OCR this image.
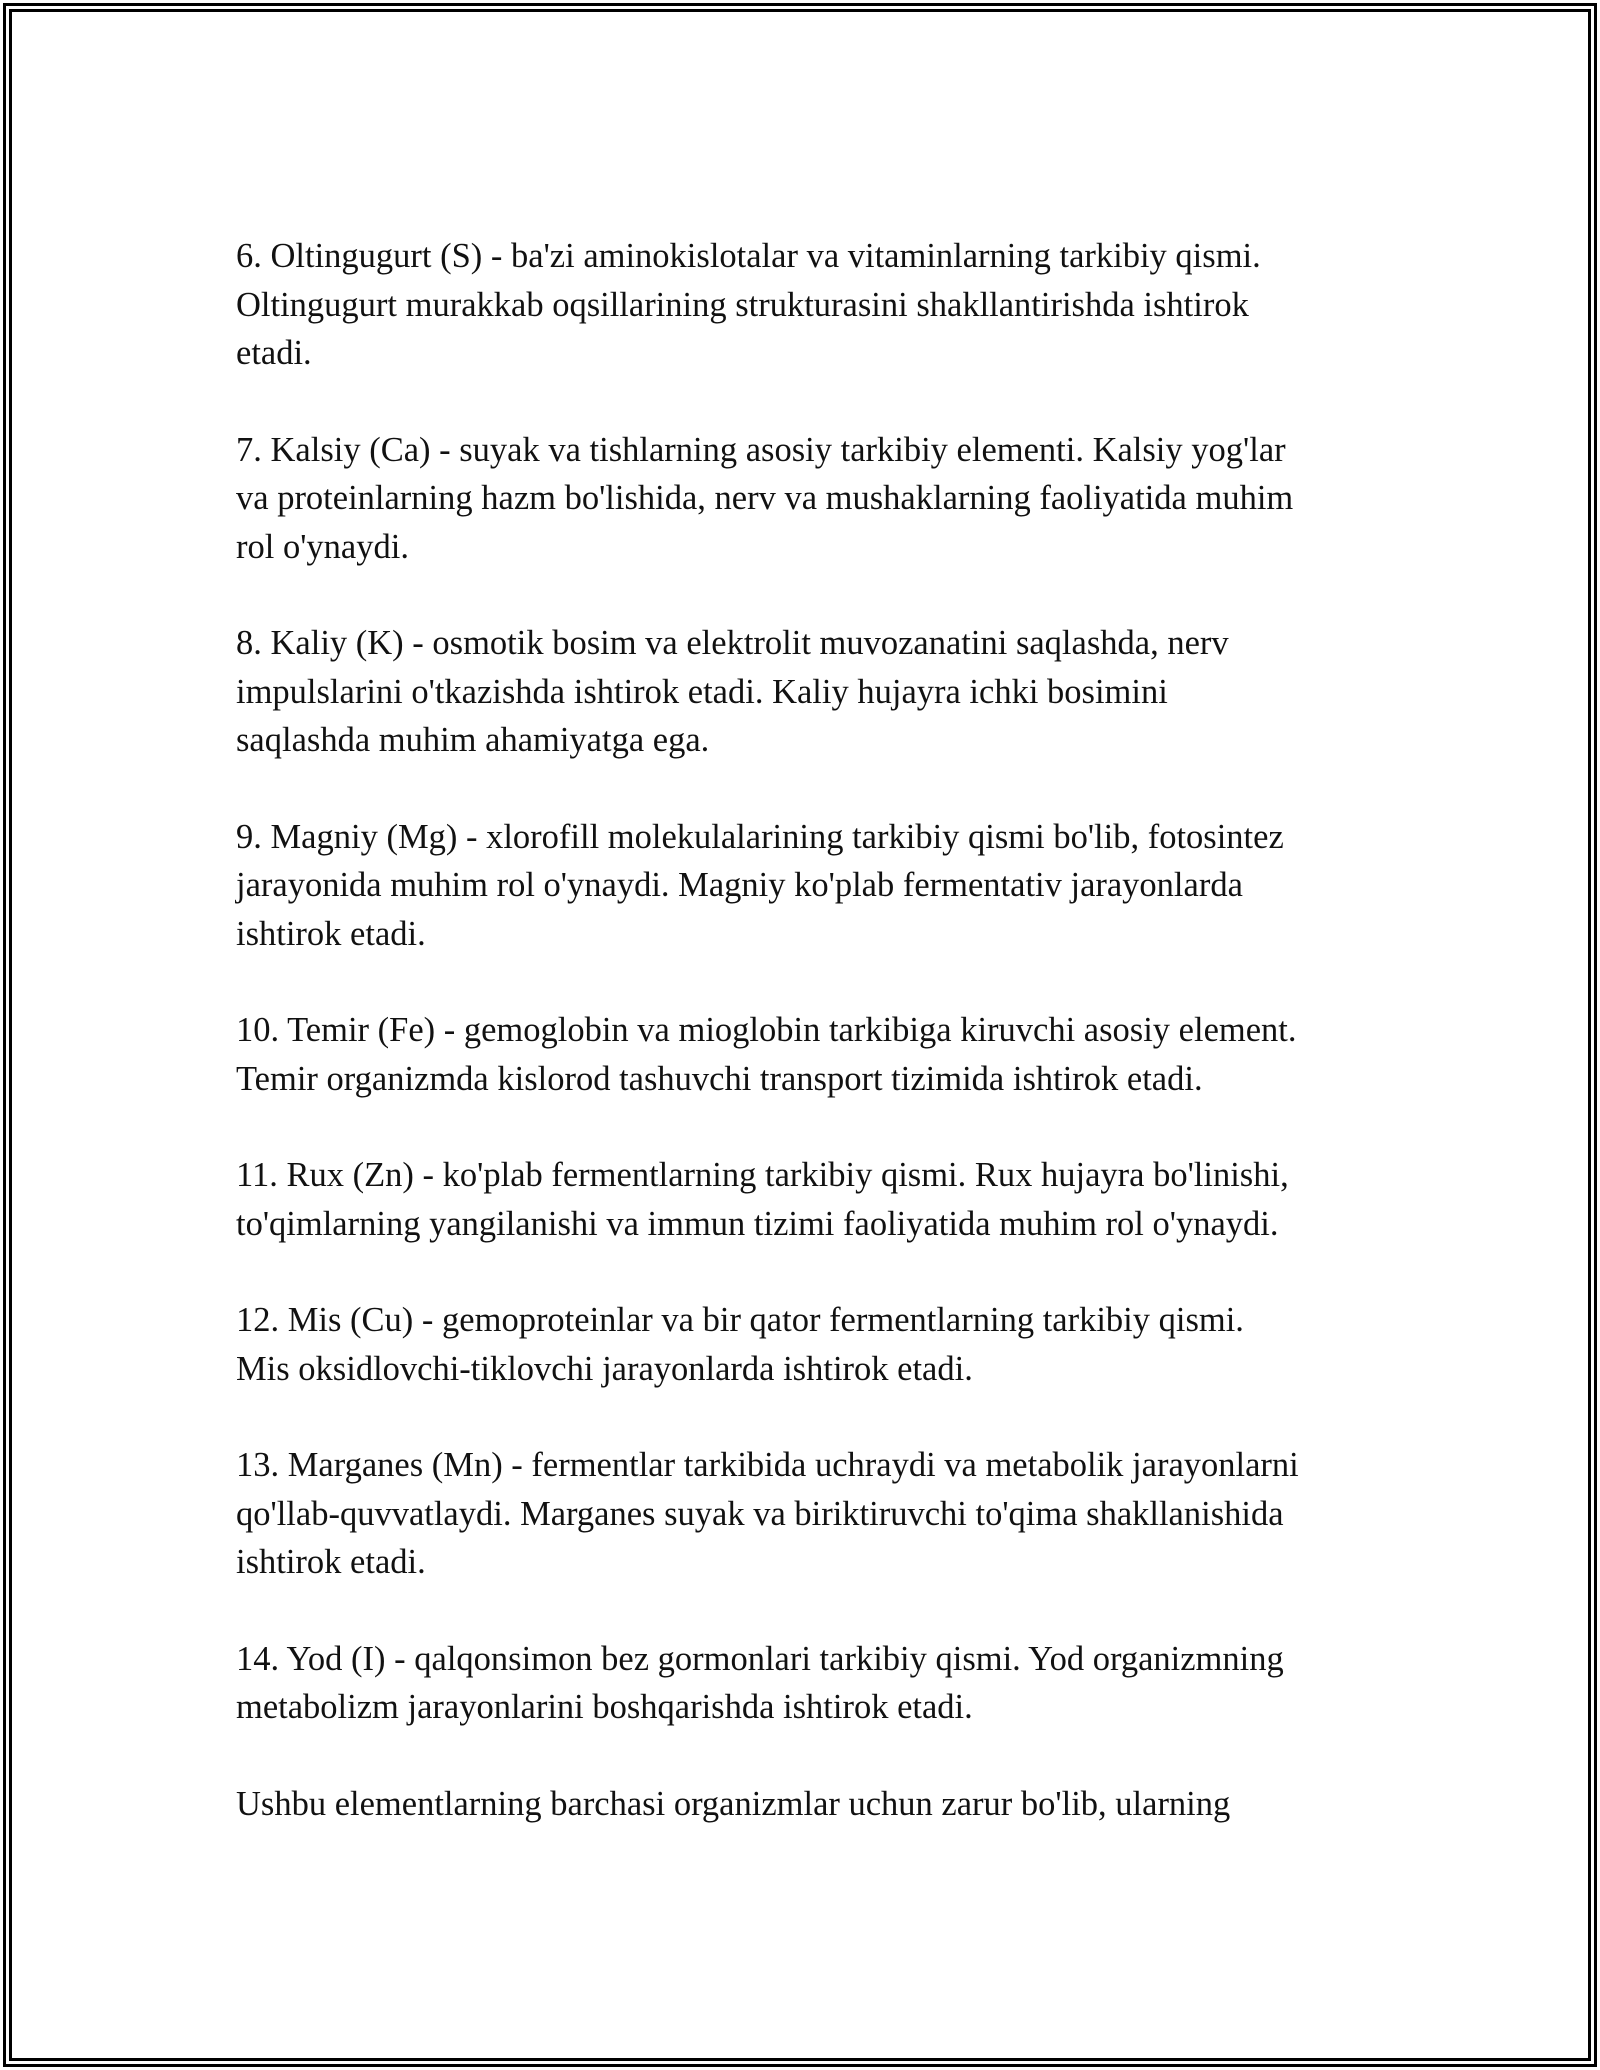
6. Oltingugurt (S) - ba'zi aminokislotalar va vitaminlarning tarkibiy qismi.
Oltingugurt murakkab oqsillarining strukturasini shakllantirishda ishtirok
etadi.

7. Kalsiy (Ca) - suyak va tishlarning asosiy tarkibiy elementi. Kalsiy yog'lar
va proteinlarning hazm bo'lishida, nerv va mushaklarning faoliyatida muhim
rol o'ynaydi.

8. Kaliy (K) - osmotik bosim va elektrolit muvozanatini saqlashda, nerv
impulslarini o'tkazishda ishtirok etadi. Kaliy hujayra ichki bosimini
saqlashda muhim ahamiyatga ega.

9. Magniy (Mg) - xlorofill molekulalarining tarkibiy qismi bo'lib, fotosintez
jarayonida muhim rol o'ynaydi. Magniy ko'plab fermentativ jarayonlarda
ishtirok etadi.

10. Temir (Fe) - gemoglobin va mioglobin tarkibiga kiruvchi asosiy element.
Temir organizmda kislorod tashuvchi transport tizimida ishtirok etadi.

11. Rux (Zn) - ko'plab fermentlarning tarkibiy qismi. Rux hujayra bo'linishi,
to'qimlarning yangilanishi va immun tizimi faoliyatida muhim rol o'ynaydi.

12. Mis (Cu) - gemoproteinlar va bir qator fermentlarning tarkibiy qismi.
Mis oksidlovchi-tiklovchi jarayonlarda ishtirok etadi.

13. Marganes (Mn) - fermentlar tarkibida uchraydi va metabolik jarayonlarni
qo'llab-quvvatlaydi. Marganes suyak va biriktiruvchi to'qima shakllanishida
ishtirok etadi.

14. Yod (I) - qalqonsimon bez gormonlari tarkibiy qismi. Yod organizmning
metabolizm jarayonlarini boshqarishda ishtirok etadi.

Ushbu elementlarning barchasi organizmlar uchun zarur bo'lib, ularning
